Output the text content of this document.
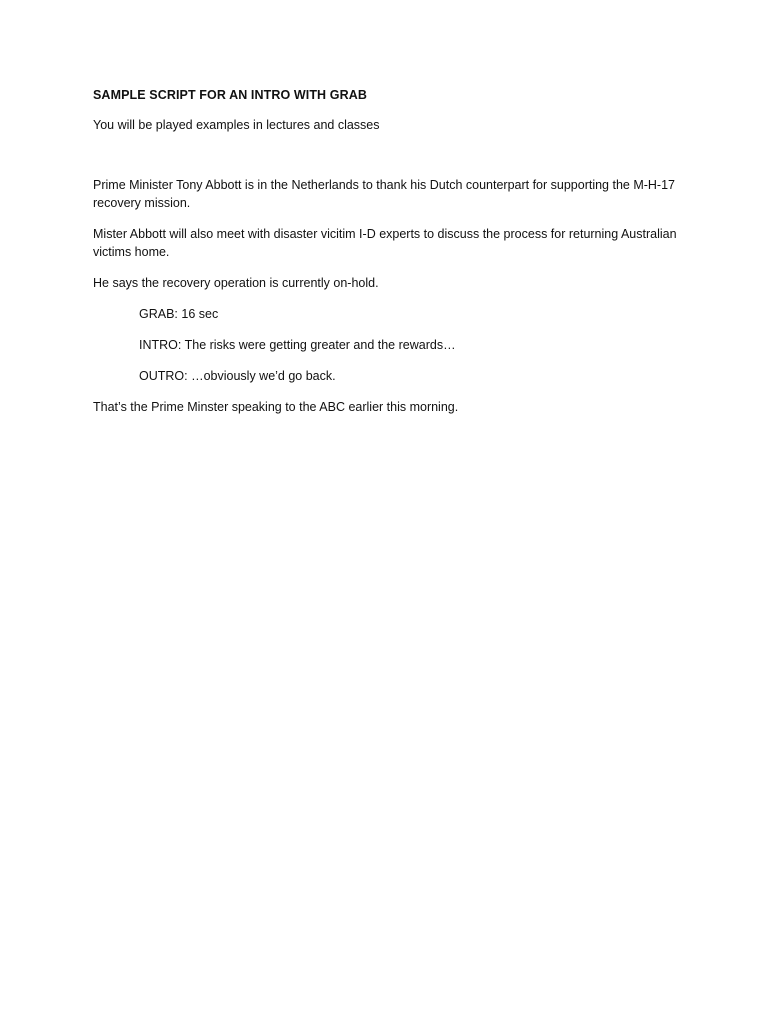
SAMPLE SCRIPT FOR AN INTRO WITH GRAB

You will be played examples in lectures and classes

Prime Minister Tony Abbott is in the Netherlands to thank his Dutch counterpart for supporting the M-H-17 recovery mission.

Mister Abbott will also meet with disaster vicitim I-D experts to discuss the process for returning Australian victims home.

He says the recovery operation is currently on-hold.

GRAB: 16 sec

INTRO: The risks were getting greater and the rewards…

OUTRO: …obviously we’d go back.

That’s the Prime Minster speaking to the ABC earlier this morning.
